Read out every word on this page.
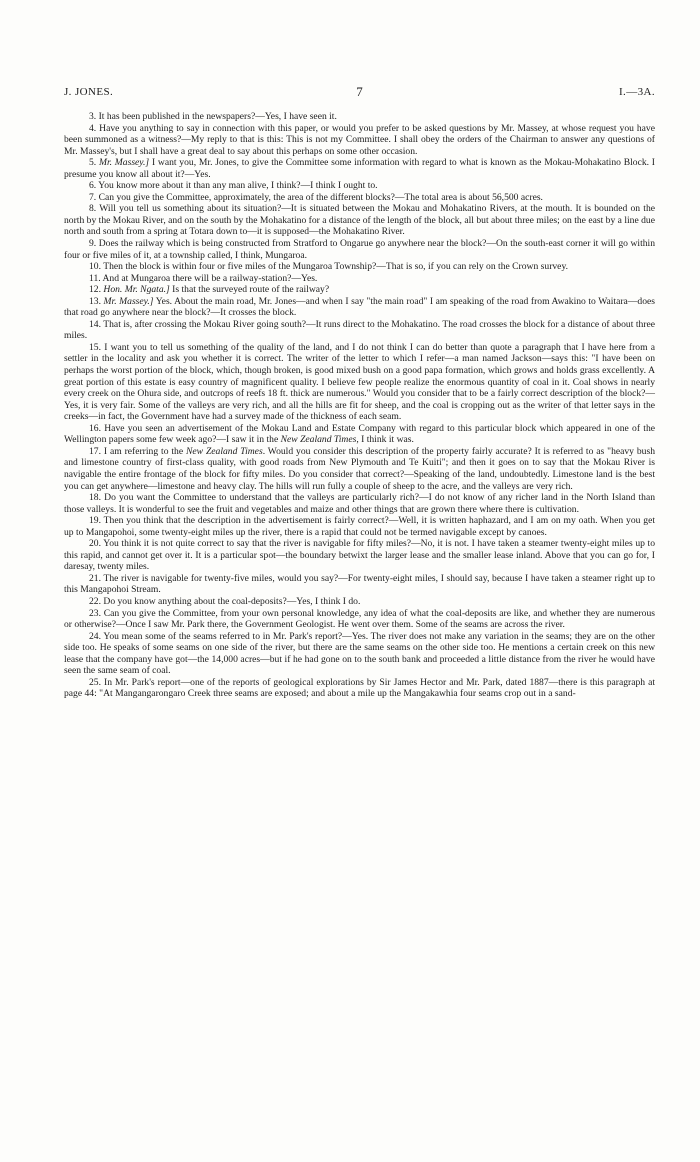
J. JONES.	7	I.—3A.

3. It has been published in the newspapers?—Yes, I have seen it.

4. Have you anything to say in connection with this paper, or would you prefer to be asked questions by Mr. Massey, at whose request you have been summoned as a witness?—My reply to that is this: This is not my Committee. I shall obey the orders of the Chairman to answer any questions of Mr. Massey's, but I shall have a great deal to say about this perhaps on some other occasion.

5. Mr. Massey.] I want you, Mr. Jones, to give the Committee some information with regard to what is known as the Mokau-Mohakatino Block. I presume you know all about it?—Yes.

6. You know more about it than any man alive, I think?—I think I ought to.

7. Can you give the Committee, approximately, the area of the different blocks?—The total area is about 56,500 acres.

8. Will you tell us something about its situation?—It is situated between the Mokau and Mohakatino Rivers, at the mouth. It is bounded on the north by the Mokau River, and on the south by the Mohakatino for a distance of the length of the block, all but about three miles; on the east by a line due north and south from a spring at Totara down to—it is supposed—the Mohakatino River.

9. Does the railway which is being constructed from Stratford to Ongarue go anywhere near the block?—On the south-east corner it will go within four or five miles of it, at a township called, I think, Mungaroa.

10. Then the block is within four or five miles of the Mungaroa Township?—That is so, if you can rely on the Crown survey.

11. And at Mungaroa there will be a railway-station?—Yes.

12. Hon. Mr. Ngata.] Is that the surveyed route of the railway?

13. Mr. Massey.] Yes. About the main road, Mr. Jones—and when I say "the main road" I am speaking of the road from Awakino to Waitara—does that road go anywhere near the block?—It crosses the block.

14. That is, after crossing the Mokau River going south?—It runs direct to the Mohakatino. The road crosses the block for a distance of about three miles.

15. I want you to tell us something of the quality of the land, and I do not think I can do better than quote a paragraph that I have here from a settler in the locality and ask you whether it is correct. The writer of the letter to which I refer—a man named Jackson—says this: "I have been on perhaps the worst portion of the block, which, though broken, is good mixed bush on a good papa formation, which grows and holds grass excellently. A great portion of this estate is easy country of magnificent quality. I believe few people realize the enormous quantity of coal in it. Coal shows in nearly every creek on the Ohura side, and outcrops of reefs 18 ft. thick are numerous." Would you consider that to be a fairly correct description of the block?—Yes, it is very fair. Some of the valleys are very rich, and all the hills are fit for sheep, and the coal is cropping out as the writer of that letter says in the creeks—in fact, the Government have had a survey made of the thickness of each seam.

16. Have you seen an advertisement of the Mokau Land and Estate Company with regard to this particular block which appeared in one of the Wellington papers some few week ago?—I saw it in the New Zealand Times, I think it was.

17. I am referring to the New Zealand Times. Would you consider this description of the property fairly accurate? It is referred to as "heavy bush and limestone country of first-class quality, with good roads from New Plymouth and Te Kuiti"; and then it goes on to say that the Mokau River is navigable the entire frontage of the block for fifty miles. Do you consider that correct?—Speaking of the land, undoubtedly. Limestone land is the best you can get anywhere—limestone and heavy clay. The hills will run fully a couple of sheep to the acre, and the valleys are very rich.

18. Do you want the Committee to understand that the valleys are particularly rich?—I do not know of any richer land in the North Island than those valleys. It is wonderful to see the fruit and vegetables and maize and other things that are grown there where there is cultivation.

19. Then you think that the description in the advertisement is fairly correct?—Well, it is written haphazard, and I am on my oath. When you get up to Mangapohoi, some twenty-eight miles up the river, there is a rapid that could not be termed navigable except by canoes.

20. You think it is not quite correct to say that the river is navigable for fifty miles?—No, it is not. I have taken a steamer twenty-eight miles up to this rapid, and cannot get over it. It is a particular spot—the boundary betwixt the larger lease and the smaller lease inland. Above that you can go for, I daresay, twenty miles.

21. The river is navigable for twenty-five miles, would you say?—For twenty-eight miles, I should say, because I have taken a steamer right up to this Mangapohoi Stream.

22. Do you know anything about the coal-deposits?—Yes, I think I do.

23. Can you give the Committee, from your own personal knowledge, any idea of what the coal-deposits are like, and whether they are numerous or otherwise?—Once I saw Mr. Park there, the Government Geologist. He went over them. Some of the seams are across the river.

24. You mean some of the seams referred to in Mr. Park's report?—Yes. The river does not make any variation in the seams; they are on the other side too. He speaks of some seams on one side of the river, but there are the same seams on the other side too. He mentions a certain creek on this new lease that the company have got—the 14,000 acres—but if he had gone on to the south bank and proceeded a little distance from the river he would have seen the same seam of coal.

25. In Mr. Park's report—one of the reports of geological explorations by Sir James Hector and Mr. Park, dated 1887—there is this paragraph at page 44: "At Mangangarongaro Creek three seams are exposed; and about a mile up the Mangakawhia four seams crop out in a sand-
